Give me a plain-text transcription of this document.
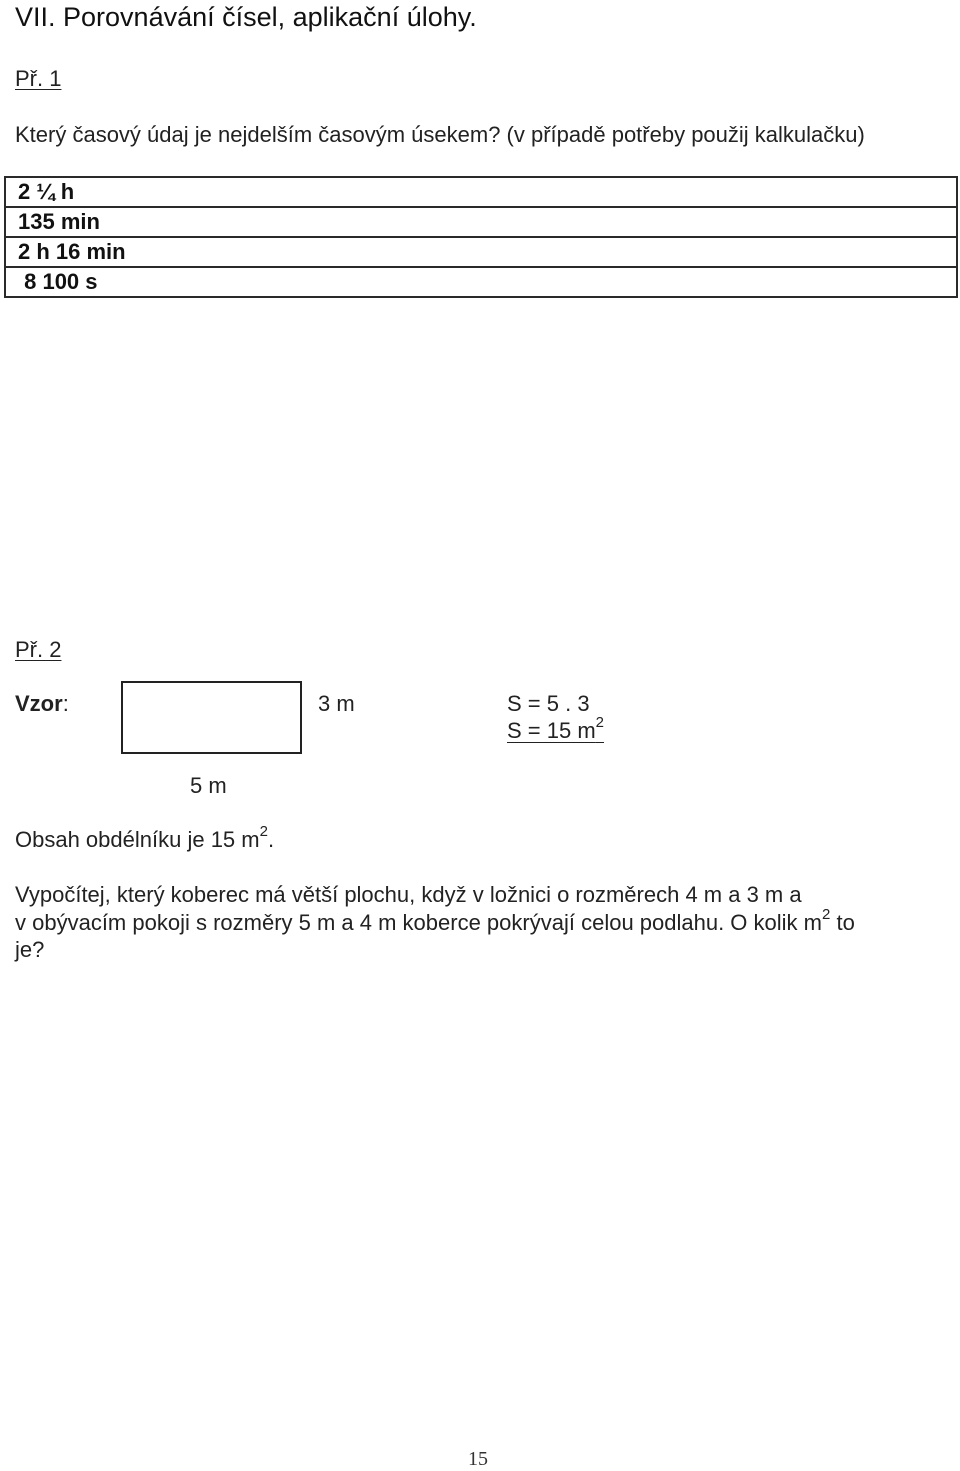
VII. Porovnávání čísel, aplikační úlohy.
Př. 1
Který časový údaj je nejdelším časovým úsekem? (v případě potřeby použij kalkulačku)
2 ¼ h
135 min
2 h 16 min
8 100 s
Př. 2
Vzor:	3 m
5 m
S = 5 . 3
S = 15 $m^2$
Obsah obdélníku je 15 $m^2$.
Vypočítej, který koberec má větší plochu, když v ložnici o rozměrech 4 m a 3 m a
v obývacím pokoji s rozměry 5 m a 4 m koberce pokrývají celou podlahu. O kolik $m^2$ to
je?
15
